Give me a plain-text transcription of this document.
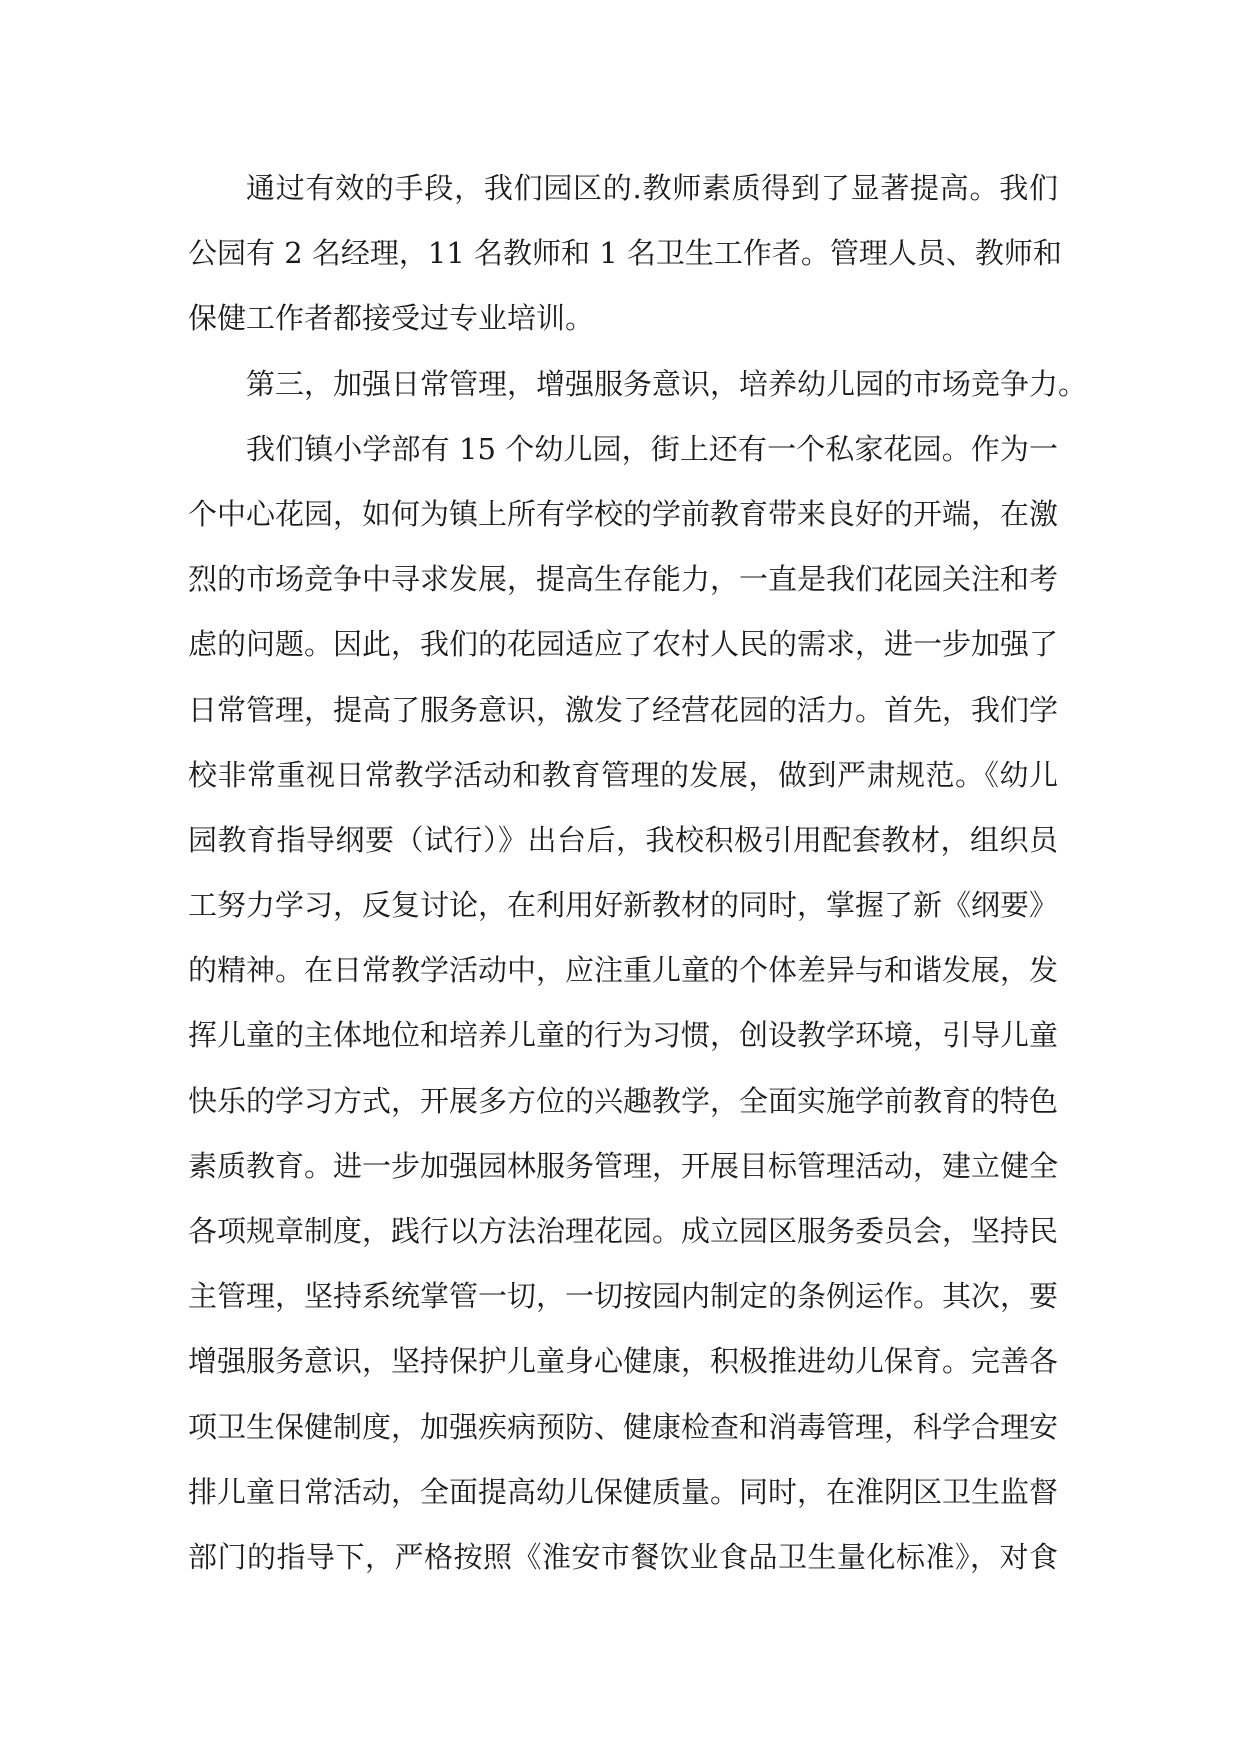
通过有效的手段，我们园区的.教师素质得到了显著提高。我们
公园有 2 名经理，11 名教师和 1 名卫生工作者。管理人员、教师和
保健工作者都接受过专业培训。
第三，加强日常管理，增强服务意识，培养幼儿园的市场竞争力。
我们镇小学部有 15 个幼儿园，街上还有一个私家花园。作为一
个中心花园，如何为镇上所有学校的学前教育带来良好的开端，在激
烈的市场竞争中寻求发展，提高生存能力，一直是我们花园关注和考
虑的问题。因此，我们的花园适应了农村人民的需求，进一步加强了
日常管理，提高了服务意识，激发了经营花园的活力。首先，我们学
校非常重视日常教学活动和教育管理的发展，做到严肃规范。《幼儿
园教育指导纲要（试行）》出台后，我校积极引用配套教材，组织员
工努力学习，反复讨论，在利用好新教材的同时，掌握了新《纲要》
的精神。在日常教学活动中，应注重儿童的个体差异与和谐发展，发
挥儿童的主体地位和培养儿童的行为习惯，创设教学环境，引导儿童
快乐的学习方式，开展多方位的兴趣教学，全面实施学前教育的特色
素质教育。进一步加强园林服务管理，开展目标管理活动，建立健全
各项规章制度，践行以方法治理花园。成立园区服务委员会，坚持民
主管理，坚持系统掌管一切，一切按园内制定的条例运作。其次，要
增强服务意识，坚持保护儿童身心健康，积极推进幼儿保育。完善各
项卫生保健制度，加强疾病预防、健康检查和消毒管理，科学合理安
排儿童日常活动，全面提高幼儿保健质量。同时，在淮阴区卫生监督
部门的指导下，严格按照《淮安市餐饮业食品卫生量化标准》，对食
